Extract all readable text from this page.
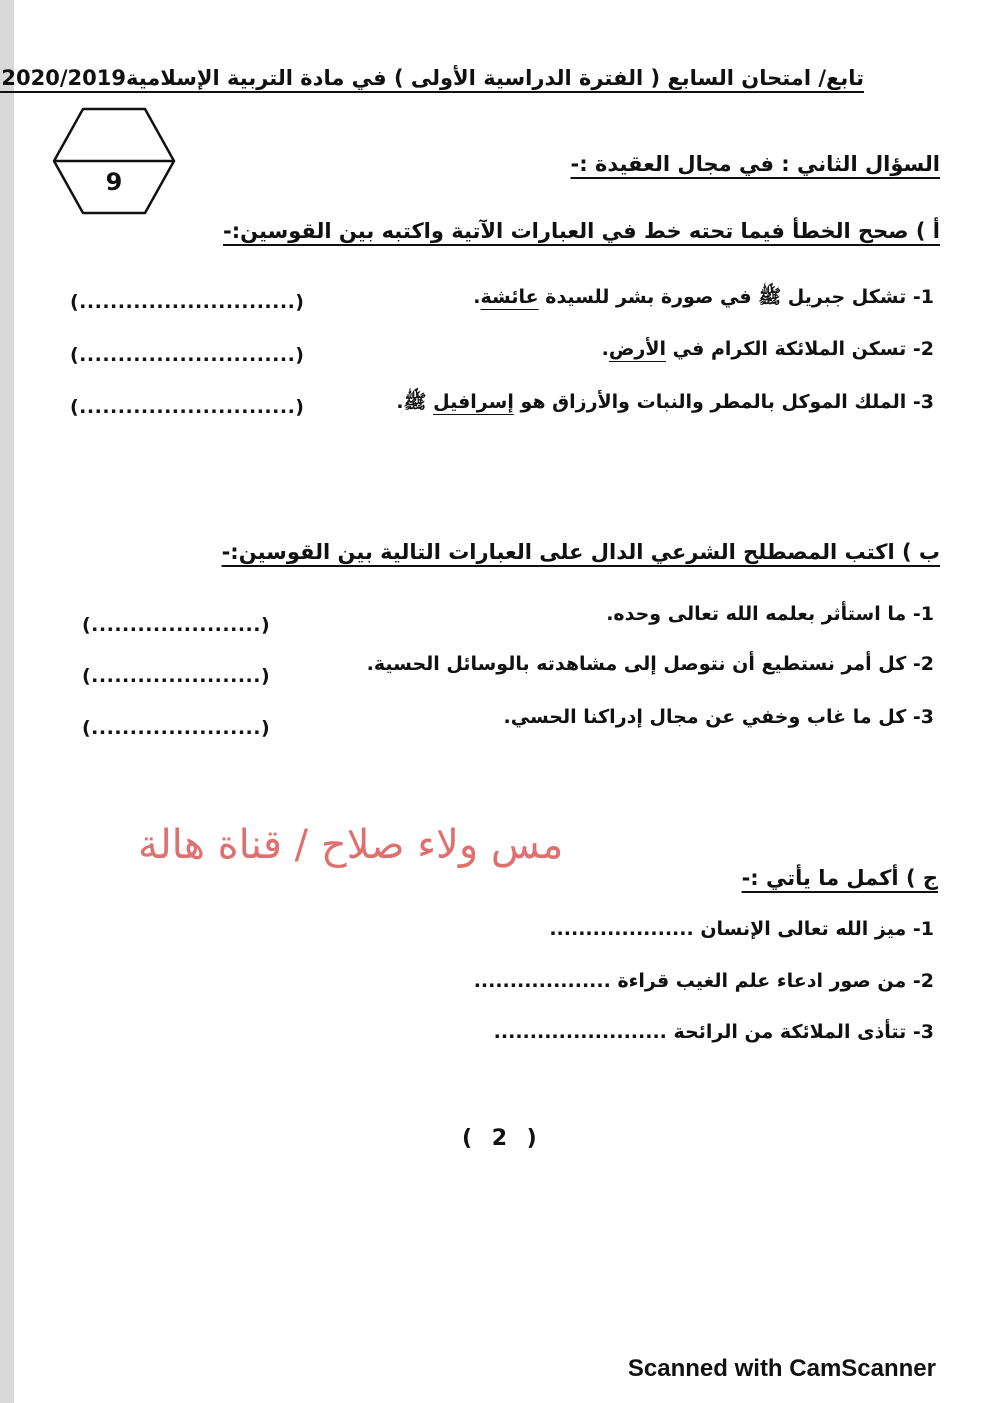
تابع/ امتحان السابع ( الفترة الدراسية الأولى ) في مادة التربية الإسلامية2020/2019
9
السؤال الثاني : في مجال العقيدة :-
أ ) صحح الخطأ فيما تحته خط في العبارات الآتية واكتبه بين القوسين:-
1- تشكل جبريل ﷺ في صورة بشر للسيدة عائشة.
(............................)
2- تسكن الملائكة الكرام في الأرض.
(............................)
3- الملك الموكل بالمطر والنبات والأرزاق هو إسرافيل ﷺ.
(............................)
ب ) اكتب المصطلح الشرعي الدال على العبارات التالية بين القوسين:-
1- ما استأثر بعلمه الله تعالى وحده.
(......................)
2- كل أمر نستطيع أن نتوصل إلى مشاهدته بالوسائل الحسية.
(......................)
3- كل ما غاب وخفي عن مجال إدراكنا الحسي.
(......................)
مس ولاء صلاح / قناة هالة
ج ) أكمل ما يأتي :-
1- ميز الله تعالى الإنسان ....................
2- من صور ادعاء علم الغيب قراءة ...................
3- تتأذى الملائكة من الرائحة ........................
( 2 )
Scanned with CamScanner
